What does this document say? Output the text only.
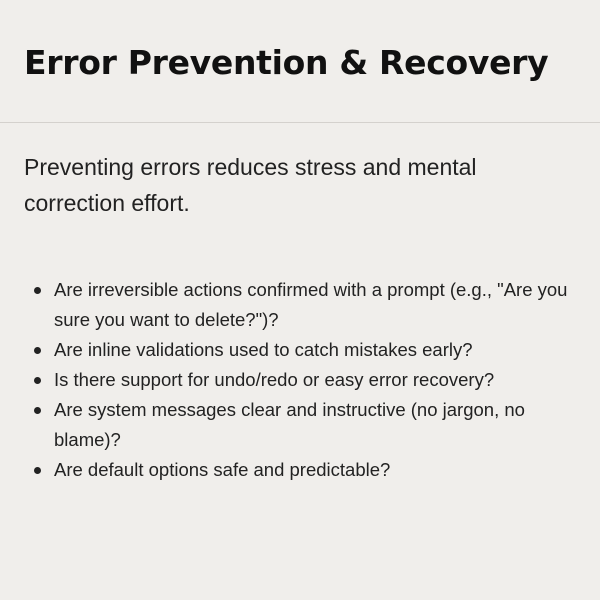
Error Prevention & Recovery

Preventing errors reduces stress and mental correction effort.

Are irreversible actions confirmed with a prompt (e.g., "Are you sure you want to delete?")?
Are inline validations used to catch mistakes early?
Is there support for undo/redo or easy error recovery?
Are system messages clear and instructive (no jargon, no blame)?
Are default options safe and predictable?
